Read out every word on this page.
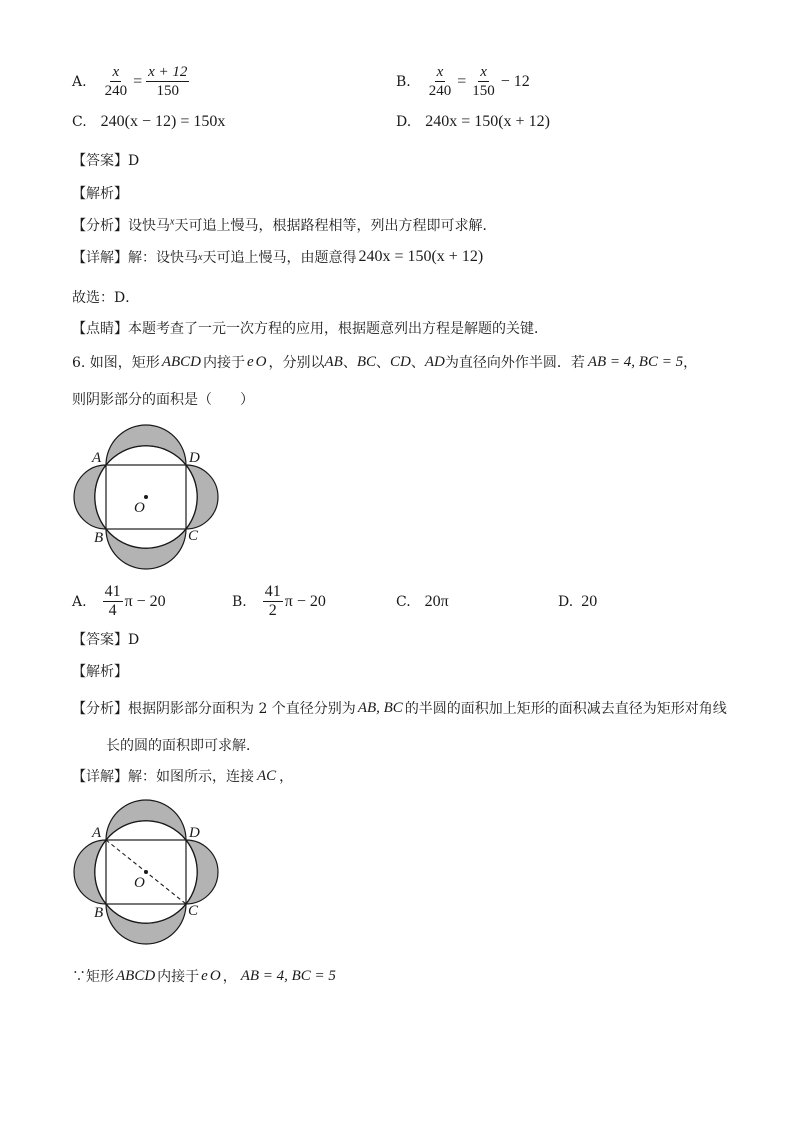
A. $\frac{x}{240} = \frac{x + 12}{150}$	B. $\frac{x}{240} = \frac{x}{150} - 12$
C. 240(x − 12) = 150x	D. 240x = 150(x + 12)
【答案】D
【解析】
【分析】设快马$^x$天可追上慢马，根据路程相等，列出方程即可求解．
【详解】 解：设快马 x 天可追上慢马，由题意得 240x = 150(x + 12)
故选：D．
【点睛】本题考查了一元一次方程的应用，根据题意列出方程是解题的关键．
6. 如图，矩形 ABCD 内接于 e O ，分别以 AB 、 BC 、 CD 、 AD 为直径向外作半圆．若 AB = 4, BC = 5 ，
则阴影部分的面积是（　　）
A	D
B	C
O
A. $\frac{41}{4}$ π − 20	B. $\frac{41}{2}$ π − 20	C. 20π	D. 20
【答案】D
【解析】
【分析】 根据阴影部分面积为 2 个直径分别为 AB, BC 的半圆的面积加上矩形的面积减去直径为矩形对角线
长的圆的面积即可求解．
【详解】 解：如图所示，连接 AC ，
A	D
B	C
O
∵矩形 ABCD 内接于 e O ， AB = 4, BC = 5
